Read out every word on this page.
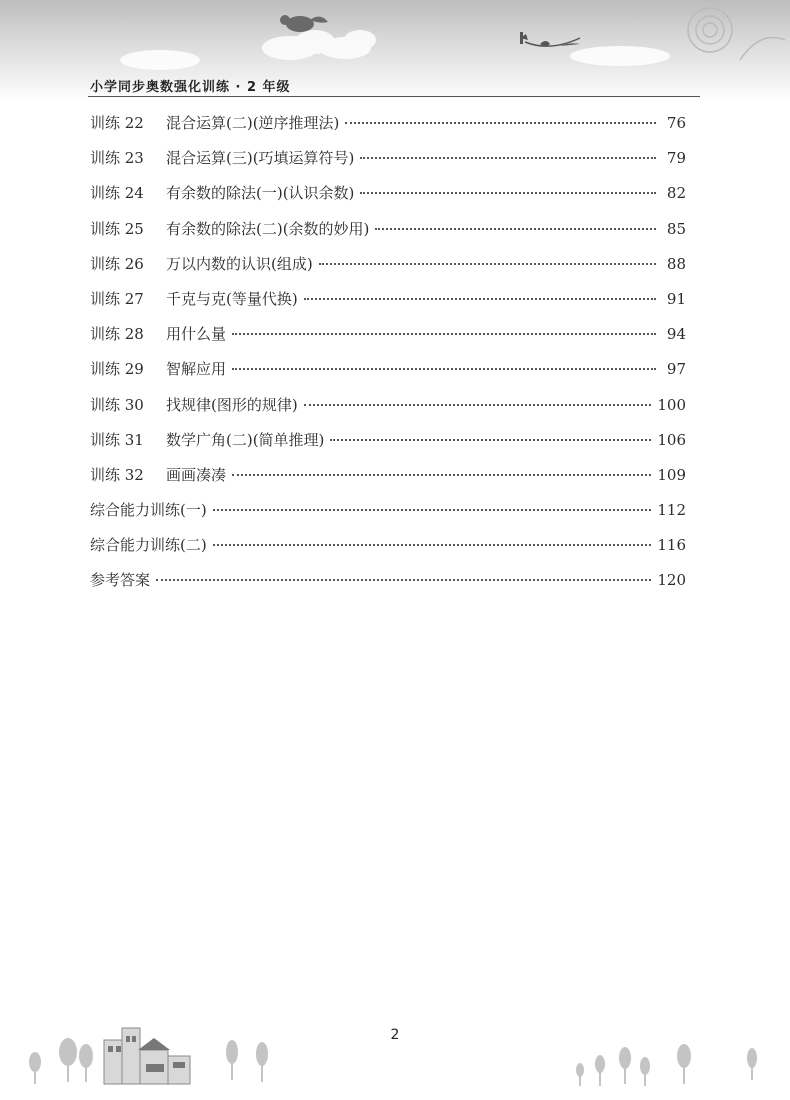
小学同步奥数强化训练 · 2 年级
训练 22	混合运算(二)(逆序推理法)	76
训练 23	混合运算(三)(巧填运算符号)	79
训练 24	有余数的除法(一)(认识余数)	82
训练 25	有余数的除法(二)(余数的妙用)	85
训练 26	万以内数的认识(组成)	88
训练 27	千克与克(等量代换)	91
训练 28	用什么量	94
训练 29	智解应用	97
训练 30	找规律(图形的规律)	100
训练 31	数学广角(二)(简单推理)	106
训练 32	画画凑凑	109
综合能力训练(一)	112
综合能力训练(二)	116
参考答案	120
2
